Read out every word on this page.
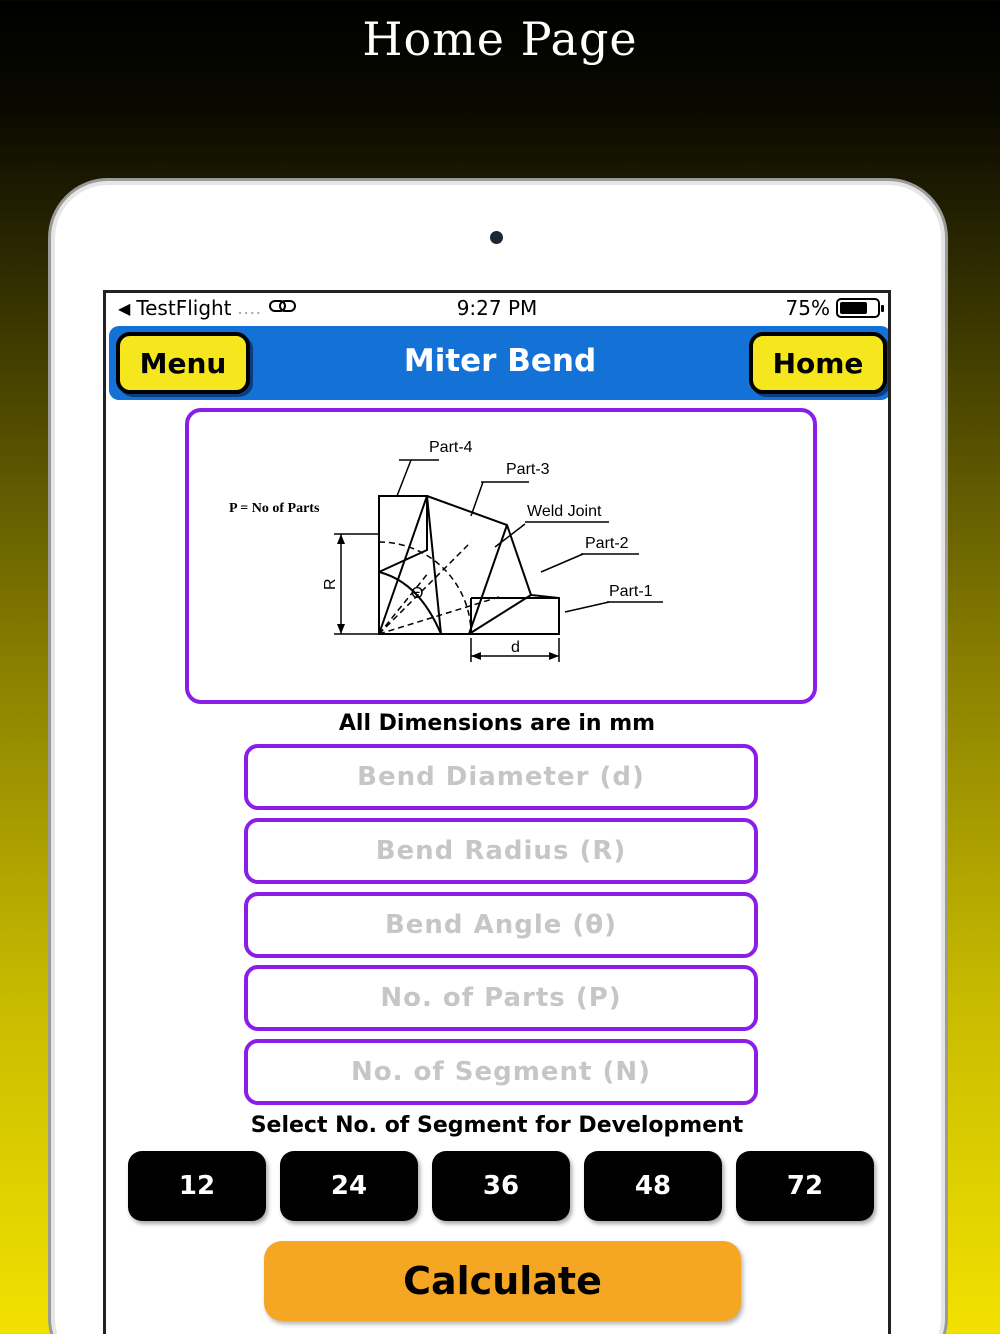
Home Page
◀ TestFlight ....	9:27 PM	75%
Menu	Miter Bend	Home
Part-4
Part-3
Weld Joint
Part-2
Part-1
d
Θ
R
P = No of Parts
All Dimensions are in mm
Bend Diameter (d)
Bend Radius (R)
Bend Angle (θ)
No. of Parts (P)
No. of Segment (N)
Select No. of Segment for Development
12	24	36	48	72
Calculate
